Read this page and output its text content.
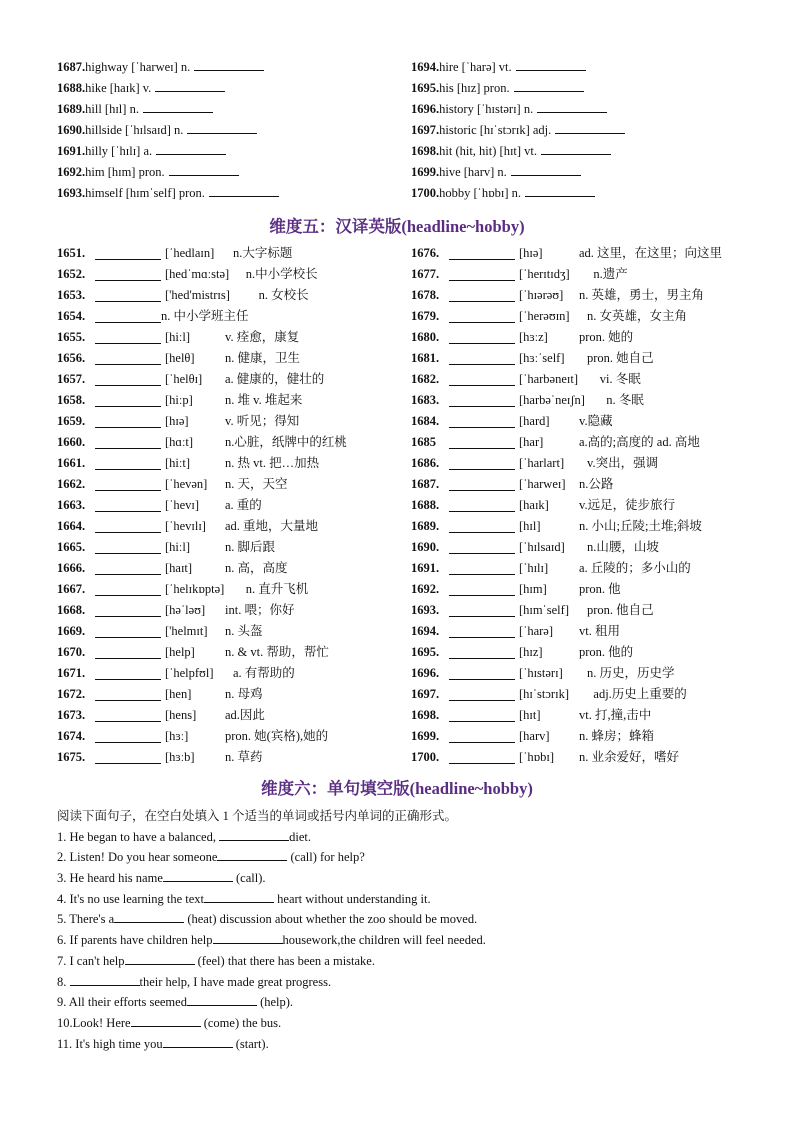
1687.highway [ˈharweɪ] n.
1688.hike [haɪk] v.
1689.hill [hɪl] n.
1690.hillside [ˈhɪlsaɪd] n.
1691.hilly [ˈhɪlɪ] a.
1692.him [hɪm] pron.
1693.himself [hɪmˈself] pron.
1694.hire [ˈharə] vt.
1695.his [hɪz] pron.
1696.history [ˈhɪstərɪ] n.
1697.historic [hɪˈstɔrɪk] adj.
1698.hit (hit, hit) [hɪt] vt.
1699.hive [harv] n.
1700.hobby [ˈhɒbɪ] n.
维度五：汉译英版(headline~hobby)
1651.	[ˈhedlaɪn] n.大字标题
1652.	[hedˈmɑːstə] n.中小学校长
1653.	['hed'mistrɪs] n. 女校长
1654.	n. 中小学班主任
1655.	[hiːl]	v. 痊愈，康复
1656.	[helθ] n. 健康，卫生
1657.	[ˈhelθɪ] a. 健康的，健壮的
1658.	[hiːp]	n. 堆 v. 堆起来
1659.	[hɪə]	v. 听见；得知
1660.	[hɑːt]	n.心脏，纸牌中的红桃
1661.	[hiːt]	n. 热 vt. 把…加热
1662.	[ˈhevən] n. 天，天空
1663.	[ˈhevɪ] a. 重的
1664.	[ˈhevɪlɪ] ad. 重地，大量地
1665.	[hiːl]	n. 脚后跟
1666.	[haɪt]	n. 高，高度
1667.	[ˈhelɪkɒptə] n. 直升飞机
1668.	[həˈləʊ] int. 喂；你好
1669.	['helmɪt] n. 头盔
1670.	[help] n. & vt. 帮助，帮忙
1671.	[ˈhelpfʊl] a. 有帮助的
1672.	[hen]	n. 母鸡
1673.	[hens] ad.因此
1674.	[hɜː]	pron. 她(宾格),她的
1675.	[hɜːb] n. 草药
1676.	[hɪə]	ad. 这里，在这里；向这里
1677.	[ˈherɪtɪdʒ] n.遗产
1678.	[ˈhɪərəʊ] n. 英雄，勇士，男主角
1679.	[ˈherəʊɪn] n. 女英雄，女主角
1680.	[hɜːz] pron. 她的
1681.	[hɜːˈself] pron. 她自己
1682.	[ˈharbəneɪt] vi. 冬眠
1683.	[harbəˈneɪʃn] n. 冬眠
1684.	[hard] v.隐藏
1685	[har]	a.高的;高度的 ad. 高地
1686.	[ˈharlart] v.突出，强调
1687.	[ˈharweɪ] n.公路
1688.	[haɪk] v.远足，徒步旅行
1689.	[hɪl]	n. 小山;丘陵;土堆;斜坡
1690.	[ˈhɪlsaɪd] n.山腰，山坡
1691.	[ˈhɪlɪ] a. 丘陵的；多小山的
1692.	[hɪm]	pron. 他
1693.	[hɪmˈself] pron. 他自己
1694.	[ˈharə] vt. 租用
1695.	[hɪz]	pron. 他的
1696.	[ˈhɪstərɪ] n. 历史，历史学
1697.	[hɪˈstɔrɪk] adj.历史上重要的
1698.	[hɪt]	vt. 打,撞,击中
1699.	[harv] n. 蜂房；蜂箱
1700.	[ˈhɒbɪ] n. 业余爱好，嗜好
维度六：单句填空版(headline~hobby)
阅读下面句子，在空白处填入 1 个适当的单词或括号内单词的正确形式。
1. He began to have a balanced,	diet.
2. Listen! Do you hear someone	(call) for help?
3. He heard his name	(call).
4. It's no use learning the text	heart without understanding it.
5. There's a	(heat) discussion about whether the zoo should be moved.
6. If parents have children help	housework,the children will feel needed.
7. I can't help	(feel) that there has been a mistake.
8.	their help, I have made great progress.
9. All their efforts seemed	(help).
10.Look! Here	(come) the bus.
11. It's high time you	(start).
